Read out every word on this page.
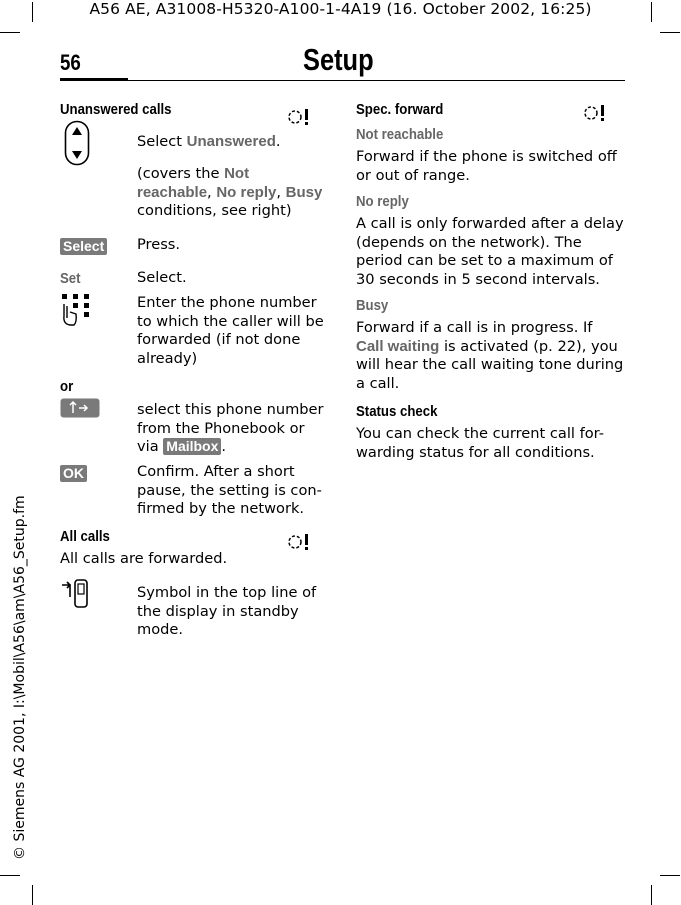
A56 AE, A31008-H5320-A100-1-4A19 (16. October 2002, 16:25)
© Siemens AG 2001, I:\Mobil\A56\am\A56_Setup.fm
56	Setup
Unanswered calls
Select Unanswered.
(covers the Not reachable, No reply, Busy conditions, see right)
Select Press.
Set	Select.
Enter the phone number to which the caller will be forwarded (if not done already)
or
select this phone number from the Phonebook or via Mailbox .
OK	Confirm. After a short pause, the setting is con-firmed by the network.
All calls
All calls are forwarded.
Symbol in the top line of the display in standby mode.
Spec. forward
Not reachable
Forward if the phone is switched off or out of range.
No reply
A call is only forwarded after a delay (depends on the network). The period can be set to a maximum of 30 seconds in 5 second intervals.
Busy
Forward if a call is in progress. If Call waiting is activated (p. 22), you will hear the call waiting tone during a call.
Status check
You can check the current call for-warding status for all conditions.
